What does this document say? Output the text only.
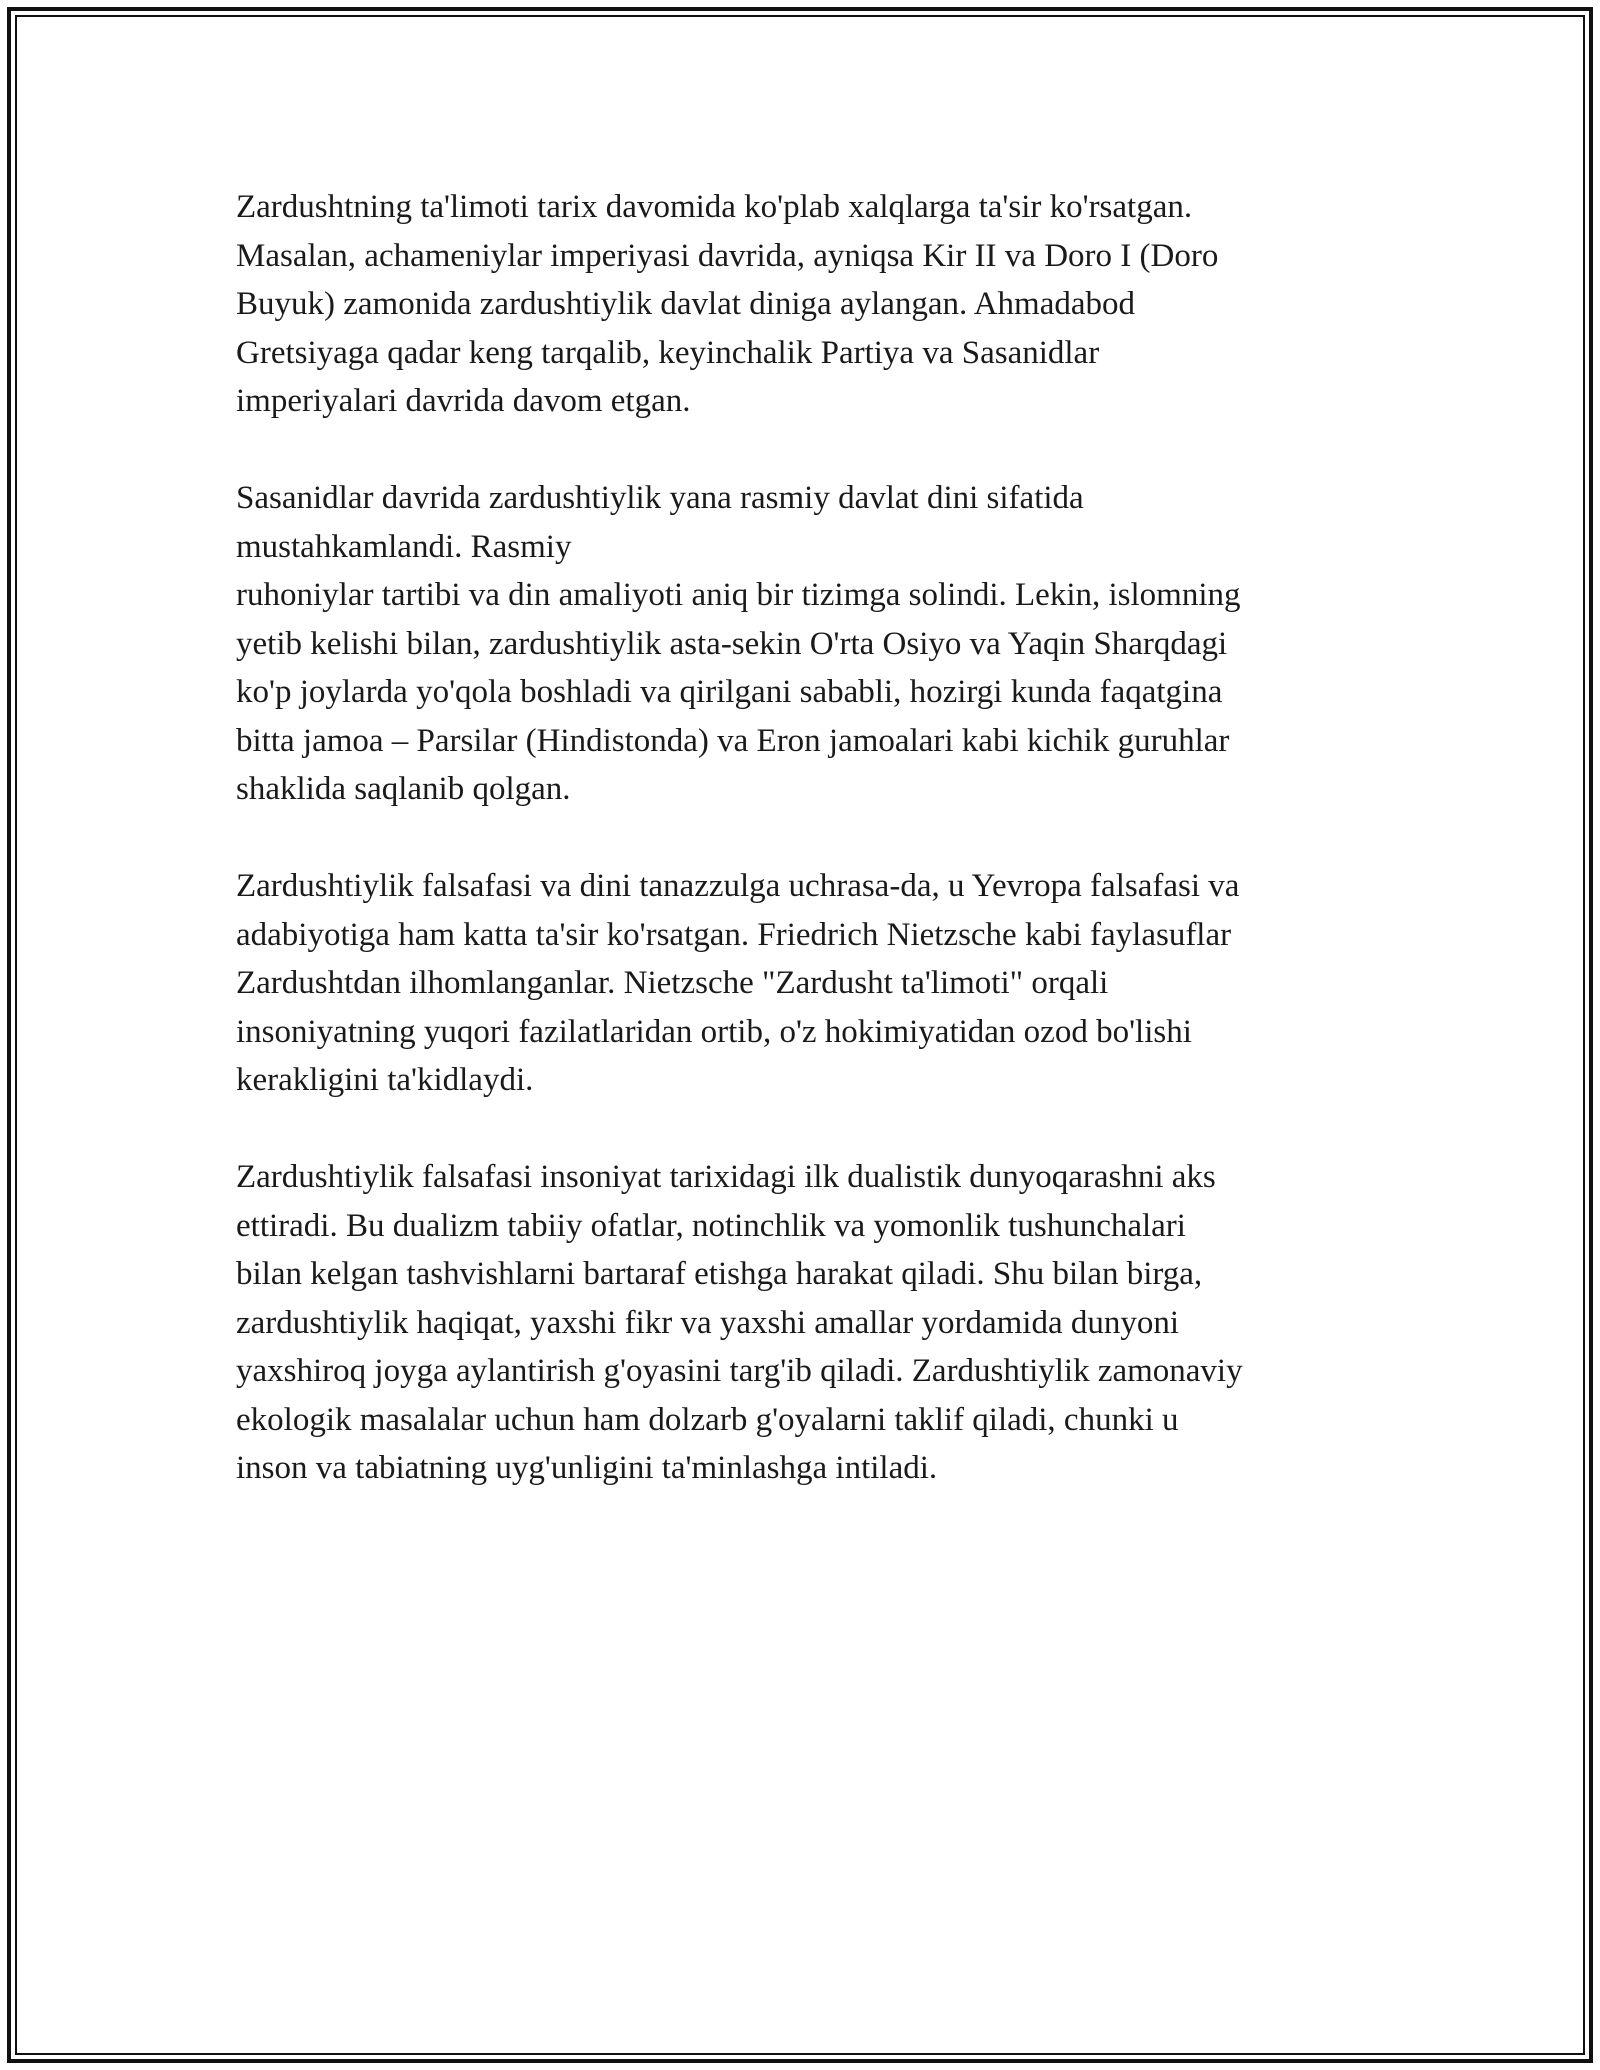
Zardushtning ta'limoti tarix davomida ko'plab xalqlarga ta'sir ko'rsatgan.
Masalan, achameniylar imperiyasi davrida, ayniqsa Kir II va Doro I (Doro
Buyuk) zamonida zardushtiylik davlat diniga aylangan. Ahmadabod
Gretsiyaga qadar keng tarqalib, keyinchalik Partiya va Sasanidlar
imperiyalari davrida davom etgan.

Sasanidlar davrida zardushtiylik yana rasmiy davlat dini sifatida
mustahkamlandi. Rasmiy
ruhoniylar tartibi va din amaliyoti aniq bir tizimga solindi. Lekin, islomning
yetib kelishi bilan, zardushtiylik asta-sekin O'rta Osiyo va Yaqin Sharqdagi
ko'p joylarda yo'qola boshladi va qirilgani sababli, hozirgi kunda faqatgina
bitta jamoa – Parsilar (Hindistonda) va Eron jamoalari kabi kichik guruhlar
shaklida saqlanib qolgan.

Zardushtiylik falsafasi va dini tanazzulga uchrasa-da, u Yevropa falsafasi va
adabiyotiga ham katta ta'sir ko'rsatgan. Friedrich Nietzsche kabi faylasuflar
Zardushtdan ilhomlanganlar. Nietzsche "Zardusht ta'limoti" orqali
insoniyatning yuqori fazilatlaridan ortib, o'z hokimiyatidan ozod bo'lishi
kerakligini ta'kidlaydi.

Zardushtiylik falsafasi insoniyat tarixidagi ilk dualistik dunyoqarashni aks
ettiradi. Bu dualizm tabiiy ofatlar, notinchlik va yomonlik tushunchalari
bilan kelgan tashvishlarni bartaraf etishga harakat qiladi. Shu bilan birga,
zardushtiylik haqiqat, yaxshi fikr va yaxshi amallar yordamida dunyoni
yaxshiroq joyga aylantirish g'oyasini targ'ib qiladi. Zardushtiylik zamonaviy
ekologik masalalar uchun ham dolzarb g'oyalarni taklif qiladi, chunki u
inson va tabiatning uyg'unligini ta'minlashga intiladi.
